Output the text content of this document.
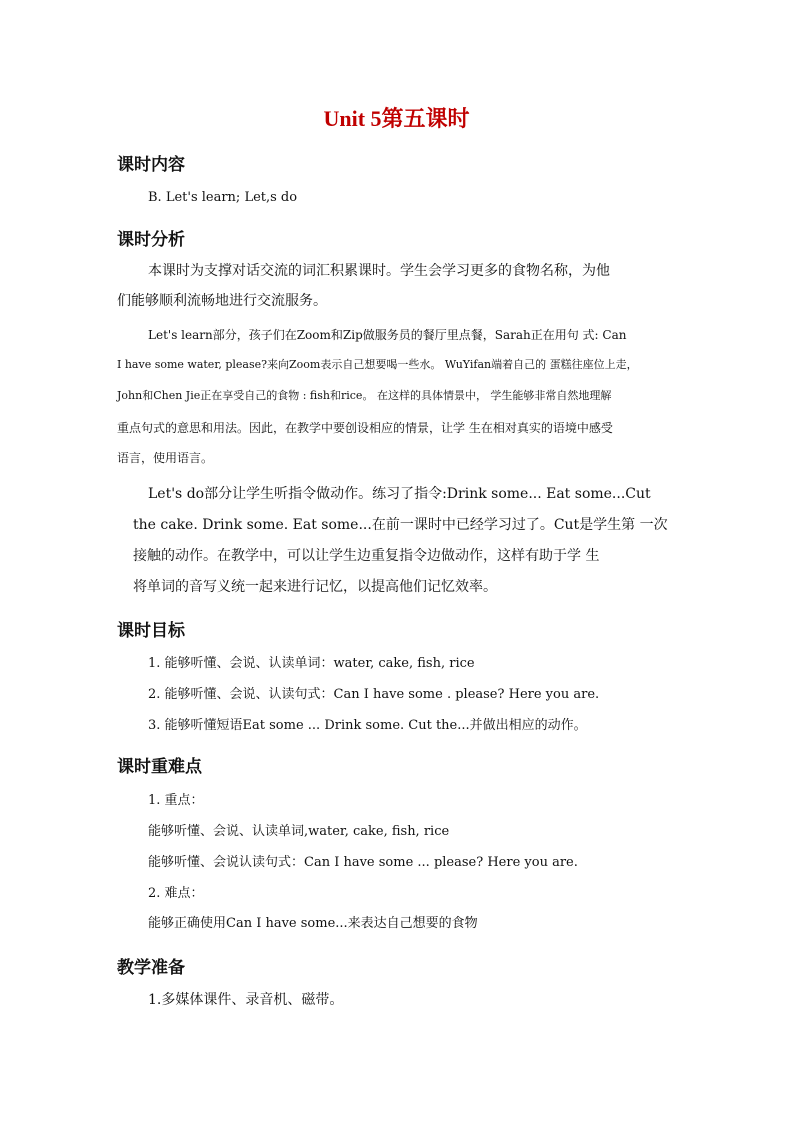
Unit 5第五课时
课时内容
B. Let's learn; Let,s do
课时分析
本课时为支撑对话交流的词汇积累课时。学生会学习更多的食物名称，为他
们能够顺利流畅地进行交流服务。
Let's learn部分，孩子们在Zoom和Zip做服务员的餐厅里点餐，Sarah正在用句 式: Can
I have some water, please?来向Zoom表示自己想要喝一些水。 WuYifan端着自己的 蛋糕往座位上走，
John和Chen Jie正在享受自己的食物 : fish和rice。 在这样的具体情景中， 学生能够非常自然地理解
重点句式的意思和用法。因此，在教学中要创设相应的情景，让学 生在相对真实的语境中感受
语言，使用语言。
Let's do部分让学生听指令做动作。练习了指令:Drink some... Eat some...Cut
the cake. Drink some. Eat some...在前一课时中已经学习过了。Cut是学生第 一次
接触的动作。在教学中，可以让学生边重复指令边做动作，这样有助于学 生
将单词的音写义统一起来进行记忆，以提高他们记忆效率。
课时目标
1. 能够听懂、会说、认读单词：water, cake, fish, rice
2. 能够听懂、会说、认读句式：Can I have some . please? Here you are.
3. 能够听懂短语Eat some ... Drink some. Cut the...并做出相应的动作。
课时重难点
1. 重点：
能够听懂、会说、认读单词,water, cake, fish, rice
能够听懂、会说认读句式：Can I have some ... please? Here you are.
2. 难点：
能够正确使用Can I have some...来表达自己想要的食物
教学准备
1.多媒体课件、录音机、磁带。
